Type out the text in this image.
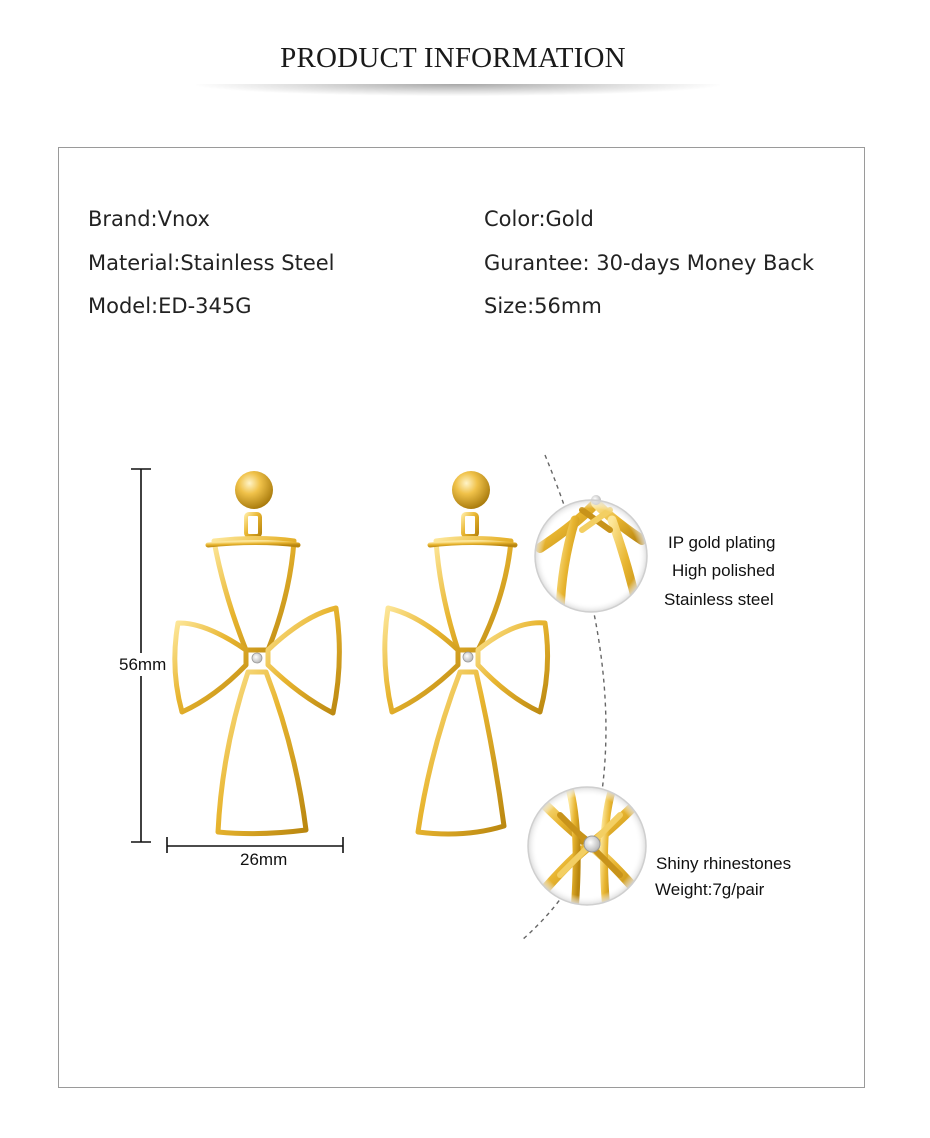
PRODUCT INFORMATION
Brand:Vnox
Material:Stainless Steel
Model:ED-345G
Color:Gold
Gurantee: 30-days Money Back
Size:56mm
56mm
26mm
IP gold plating
High polished
Stainless steel
Shiny rhinestones
Weight:7g/pair
